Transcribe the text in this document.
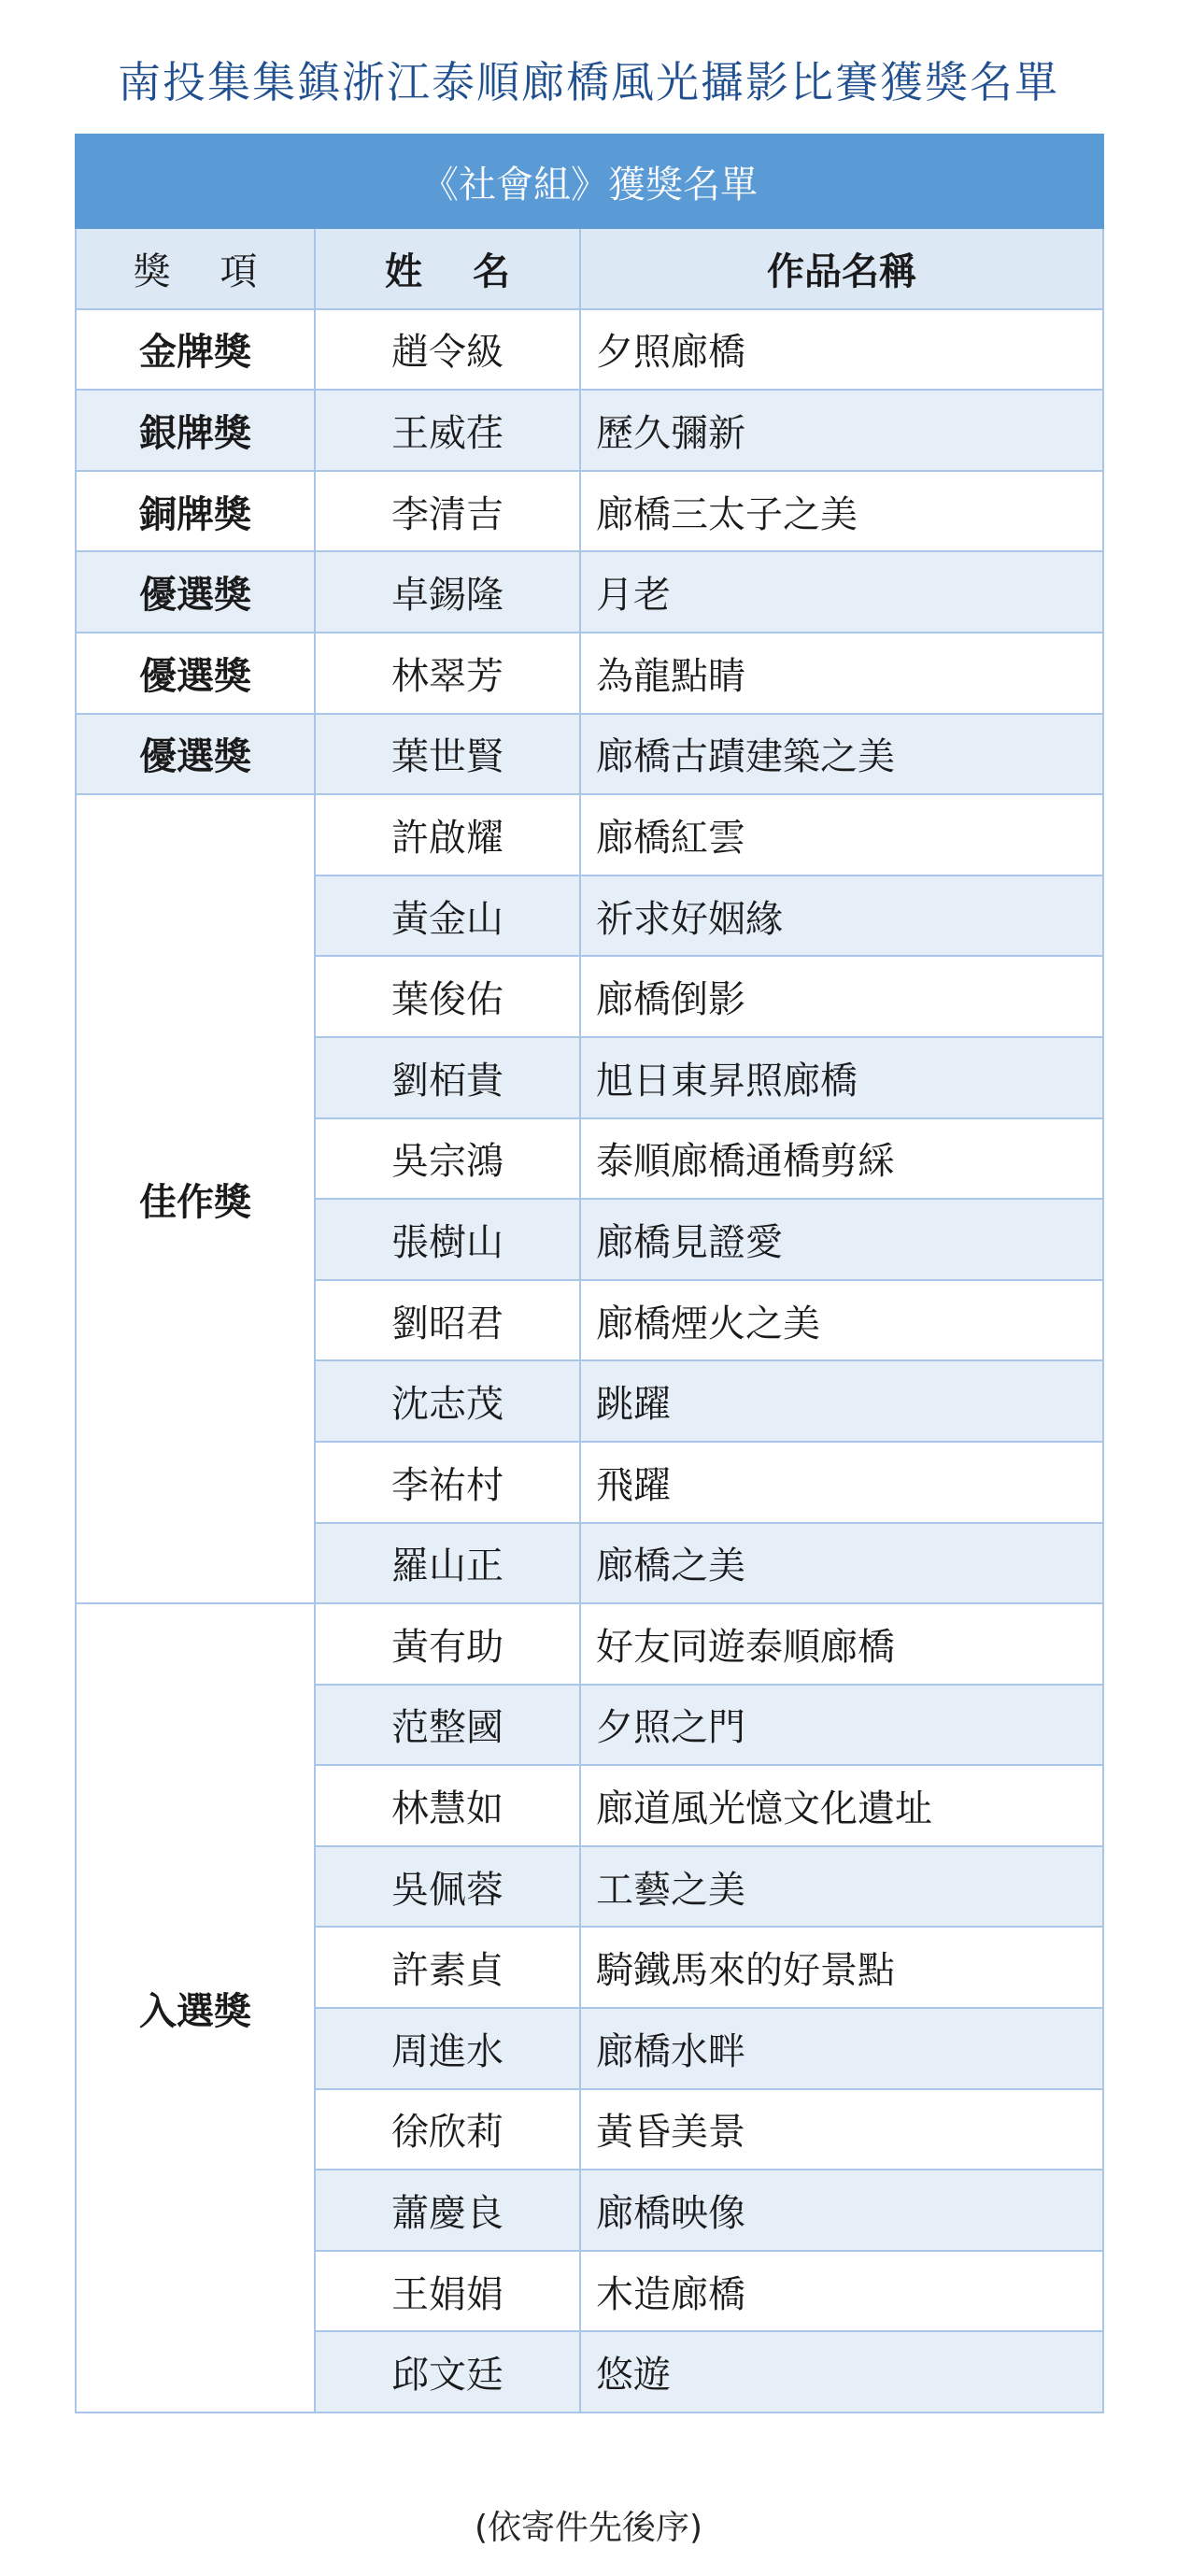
南投集集鎮浙江泰順廊橋風光攝影比賽獲獎名單
《社會組》獲獎名單		
獎　 項	姓　 名	作品名稱
金牌獎	趙令級	夕照廊橋
銀牌獎	王威荏	歷久彌新
銅牌獎	李清吉	廊橋三太子之美
優選獎	卓錫隆	月老
優選獎	林翠芳	為龍點睛
優選獎	葉世賢	廊橋古蹟建築之美
佳作獎	許啟耀	廊橋紅雲
	黃金山	祈求好姻緣
	葉俊佑	廊橋倒影
	劉栢貴	旭日東昇照廊橋
	吳宗鴻	泰順廊橋通橋剪綵
	張樹山	廊橋見證愛
	劉昭君	廊橋煙火之美
	沈志茂	跳躍
	李祐村	飛躍
	羅山正	廊橋之美
入選獎	黃有助	好友同遊泰順廊橋
	范整國	夕照之門
	林慧如	廊道風光憶文化遺址
	吳佩蓉	工藝之美
	許素貞	騎鐵馬來的好景點
	周進水	廊橋水畔
	徐欣莉	黃昏美景
	蕭慶良	廊橋映像
	王娟娟	木造廊橋
	邱文廷	悠遊
(依寄件先後序)
